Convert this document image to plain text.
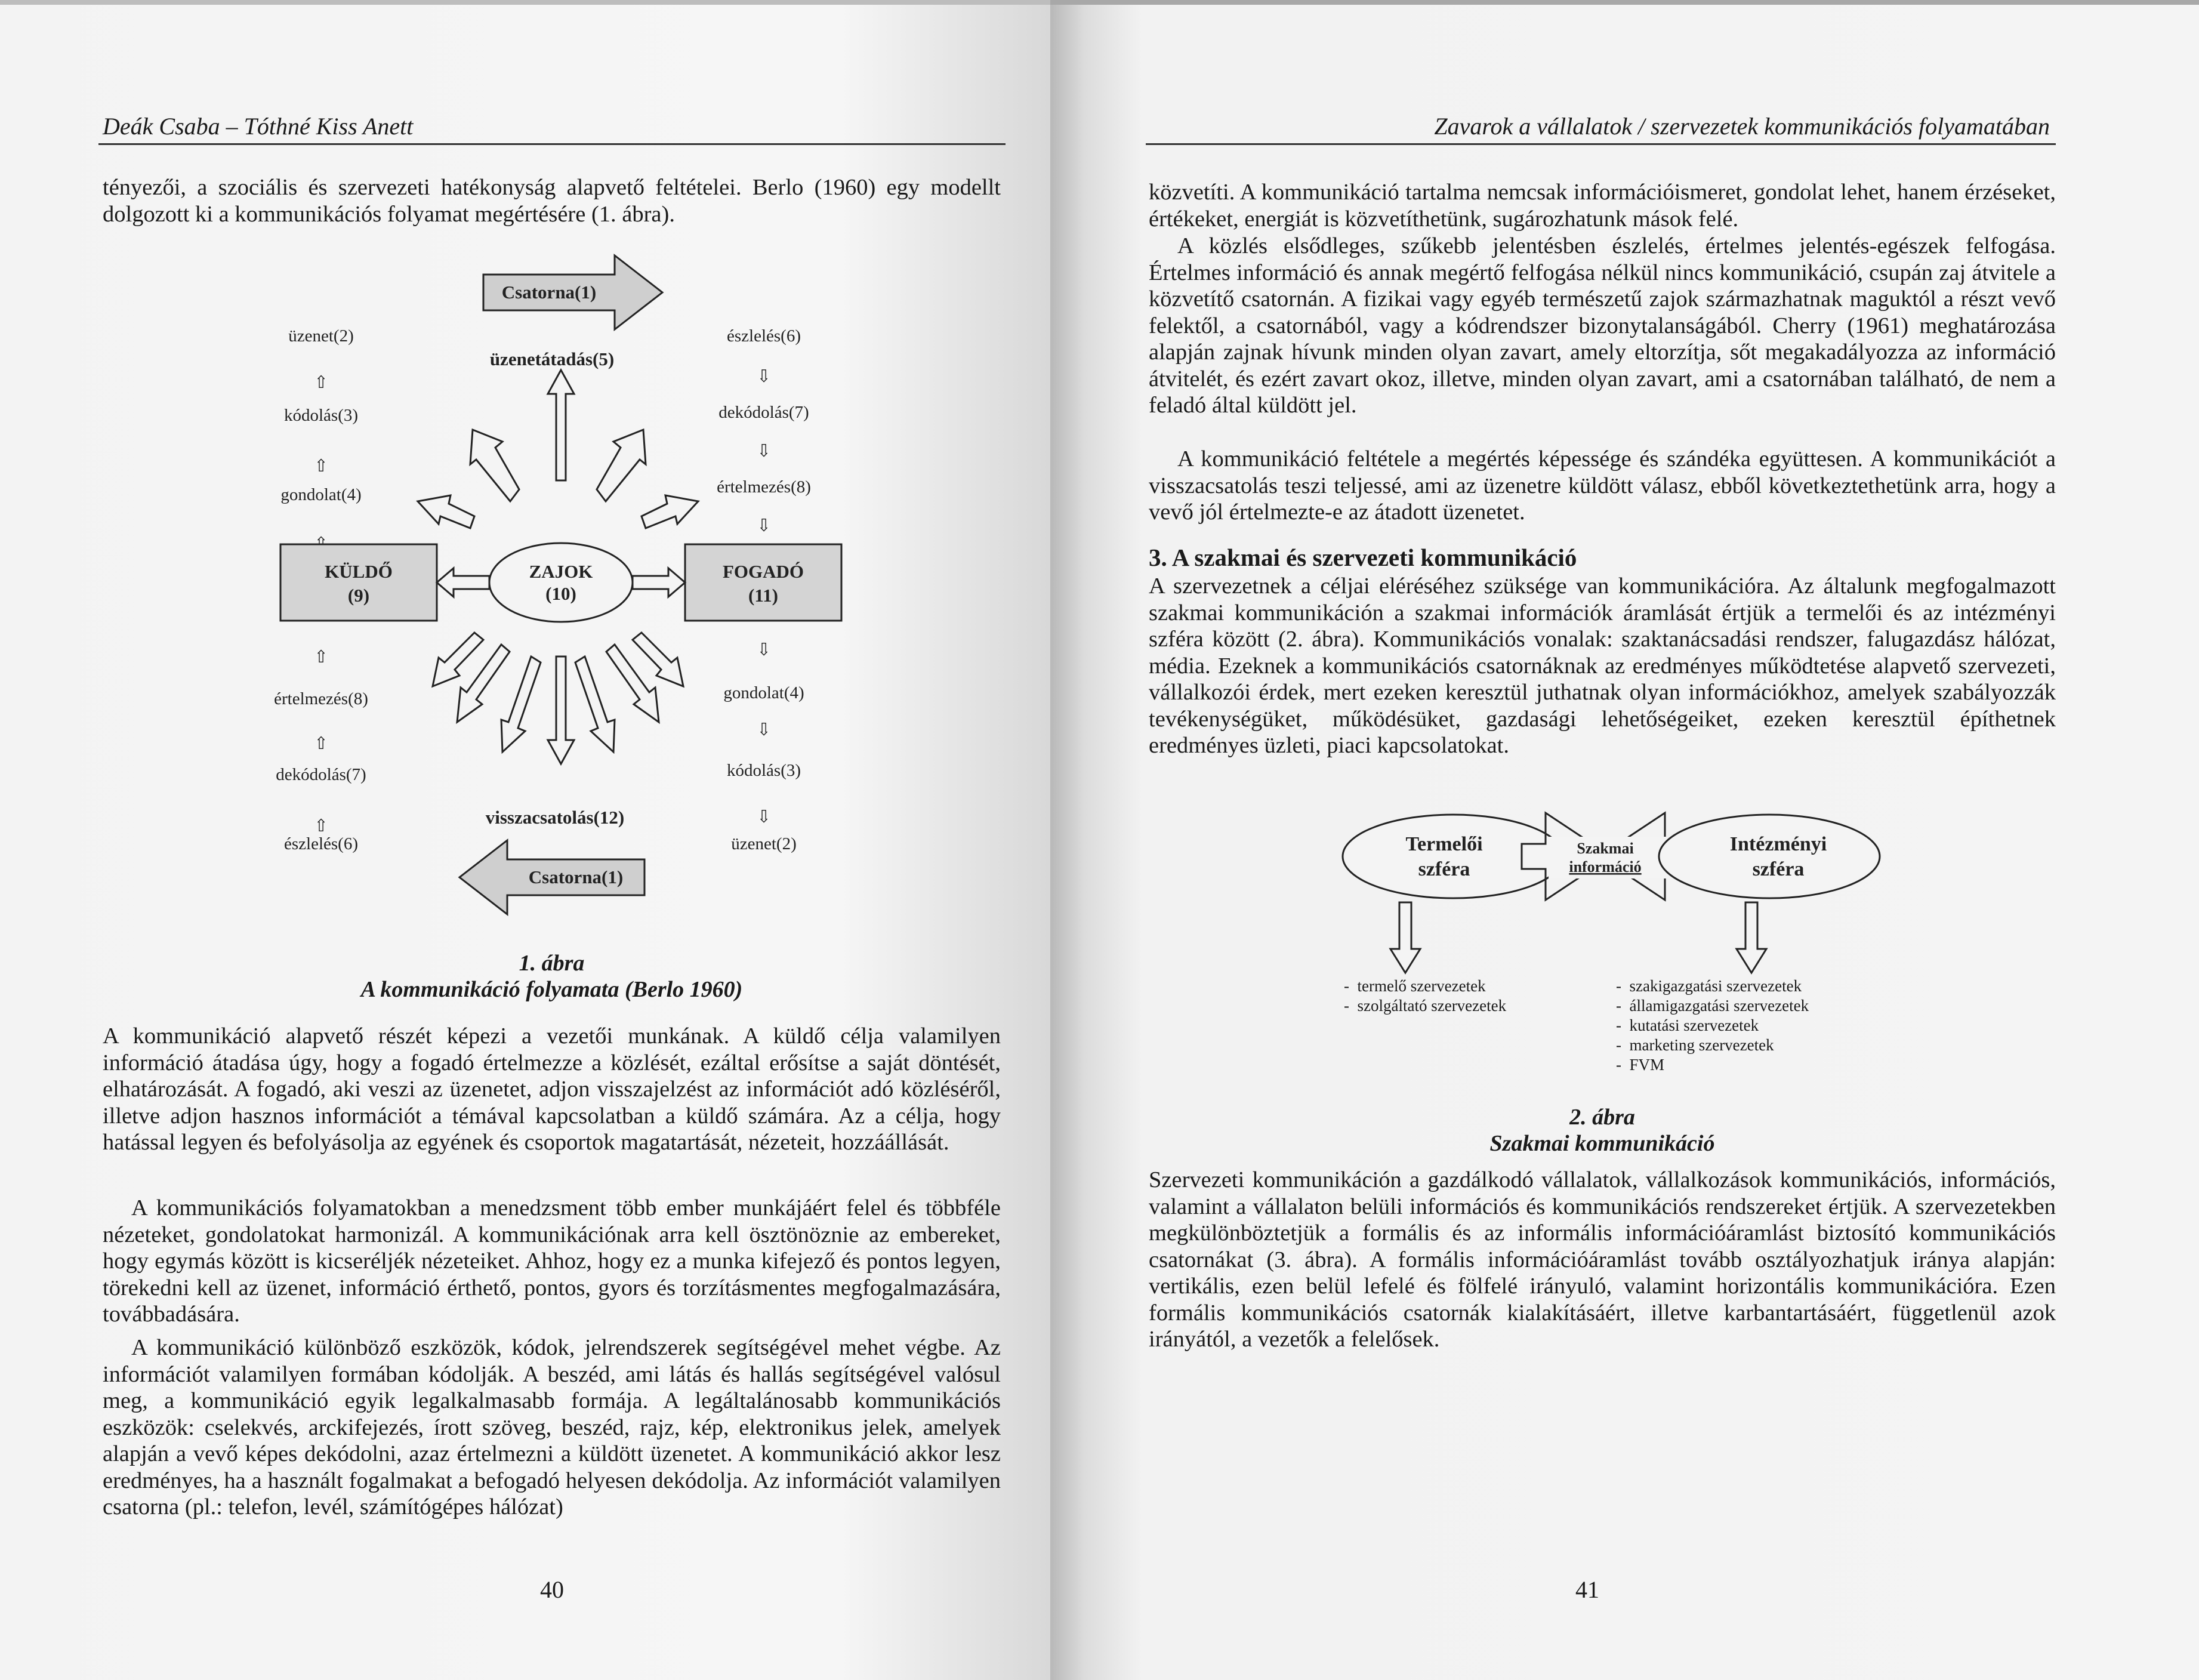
Deák Csaba – Tóthné Kiss Anett

tényezői, a szociális és szervezeti hatékonyság alapvető feltételei. Berlo (1960) egy modellt dolgozott ki a kommunikációs folyamat megértésére (1. ábra).

Csatorna(1)
üzenetátadás(5)
üzenet(2)
⇧
kódolás(3)
⇧
gondolat(4)
észlelés(6)
⇩
dekódolás(7)
⇩
értelmezés(8)
⇩
KÜLDŐ
(9)
FOGADÓ
(11)
ZAJOK
(10)
⇧
értelmezés(8)
⇧
dekódolás(7)
⇧
észlelés(6)
⇩
gondolat(4)
⇩
kódolás(3)
⇩
üzenet(2)
visszacsatolás(12)
Csatorna(1)
1. ábra
A kommunikáció folyamata (Berlo 1960)

A kommunikáció alapvető részét képezi a vezetői munkának. A küldő célja valamilyen információ átadása úgy, hogy a fogadó értelmezze a közlését, ezáltal erősítse a saját döntését, elhatározását. A fogadó, aki veszi az üzenetet, adjon visszajelzést az információt adó közléséről, illetve adjon hasznos információt a témával kapcsolatban a küldő számára. Az a célja, hogy hatással legyen és befolyásolja az egyének és csoportok magatartását, nézeteit, hozzáállását.

A kommunikációs folyamatokban a menedzsment több ember munkájáért felel és többféle nézeteket, gondolatokat harmonizál. A kommunikációnak arra kell ösztönöznie az embereket, hogy egymás között is kicseréljék nézeteiket. Ahhoz, hogy ez a munka kifejező és pontos legyen, törekedni kell az üzenet, információ érthető, pontos, gyors és torzításmentes megfogalmazására, továbbadására.

A kommunikáció különböző eszközök, kódok, jelrendszerek segítségével mehet végbe. Az információt valamilyen formában kódolják. A beszéd, ami látás és hallás segítségével valósul meg, a kommunikáció egyik legalkalmasabb formája. A legáltalánosabb kommunikációs eszközök: cselekvés, arckifejezés, írott szöveg, beszéd, rajz, kép, elektronikus jelek, amelyek alapján a vevő képes dekódolni, azaz értelmezni a küldött üzenetet. A kommunikáció akkor lesz eredményes, ha a használt fogalmakat a befogadó helyesen dekódolja. Az információt valamilyen csatorna (pl.: telefon, levél, számítógépes hálózat)

40
Zavarok a vállalatok / szervezetek kommunikációs folyamatában

közvetíti. A kommunikáció tartalma nemcsak információismeret, gondolat lehet, hanem érzéseket, értékeket, energiát is közvetíthetünk, sugározhatunk mások felé.

A közlés elsődleges, szűkebb jelentésben észlelés, értelmes jelentés-egészek felfogása. Értelmes információ és annak megértő felfogása nélkül nincs kommunikáció, csupán zaj átvitele a közvetítő csatornán. A fizikai vagy egyéb természetű zajok származhatnak maguktól a részt vevő felektől, a csatornából, vagy a kódrendszer bizonytalanságából. Cherry (1961) meghatározása alapján zajnak hívunk minden olyan zavart, amely eltorzítja, sőt megakadályozza az információ átvitelét, és ezért zavart okoz, illetve, minden olyan zavart, ami a csatornában található, de nem a feladó által küldött jel.

A kommunikáció feltétele a megértés képessége és szándéka együttesen. A kommunikációt a visszacsatolás teszi teljessé, ami az üzenetre küldött válasz, ebből következtethetünk arra, hogy a vevő jól értelmezte-e az átadott üzenetet.

3. A szakmai és szervezeti kommunikáció

A szervezetnek a céljai eléréséhez szüksége van kommunikációra. Az általunk megfogalmazott szakmai kommunikáción a szakmai információk áramlását értjük a termelői és az intézményi szféra között (2. ábra). Kommunikációs vonalak: szaktanácsadási rendszer, falugazdász hálózat, média. Ezeknek a kommunikációs csatornáknak az eredményes működtetése alapvető szervezeti, vállalkozói érdek, mert ezeken keresztül juthatnak olyan információkhoz, amelyek szabályozzák tevékenységüket, működésüket, gazdasági lehetőségeiket, ezeken keresztül építhetnek eredményes üzleti, piaci kapcsolatokat.

Termelői
szféra
Szakmai
információ
Intézményi
szféra
-  termelő szervezetek
-  szolgáltató szervezetek
-  szakigazgatási szervezetek
-  államigazgatási szervezetek
-  kutatási szervezetek
-  marketing szervezetek
-  FVM
2. ábra
Szakmai kommunikáció

Szervezeti kommunikáción a gazdálkodó vállalatok, vállalkozások kommunikációs, információs, valamint a vállalaton belüli információs és kommunikációs rendszereket értjük. A szervezetekben megkülönböztetjük a formális és az informális információáramlást biztosító kommunikációs csatornákat (3. ábra). A formális információáramlást tovább osztályozhatjuk iránya alapján: vertikális, ezen belül lefelé és fölfelé irányuló, valamint horizontális kommunikációra. Ezen formális kommunikációs csatornák kialakításáért, illetve karbantartásáért, függetlenül azok irányától, a vezetők a felelősek.

41
